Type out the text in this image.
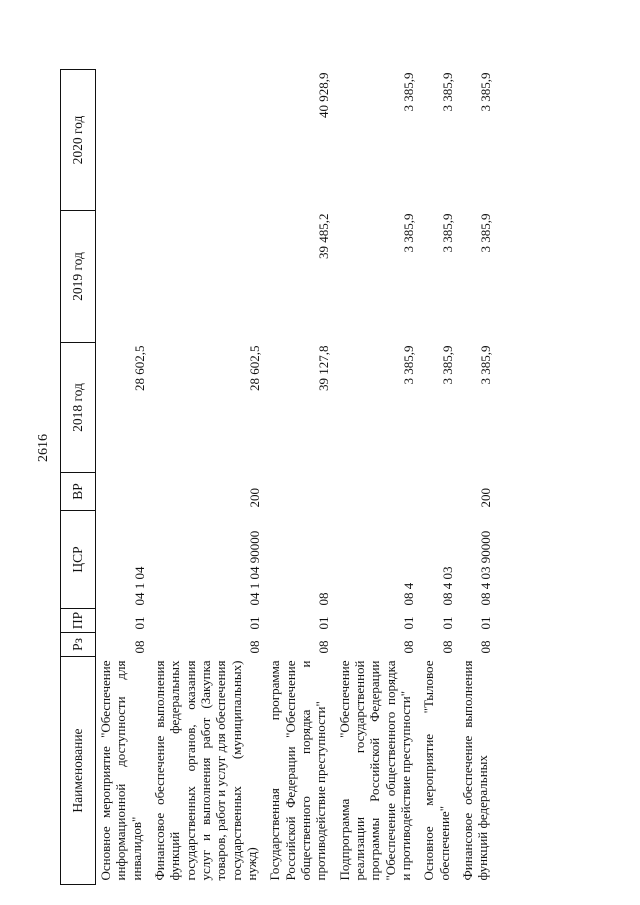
2616
Наименование	Рз	ПР	ЦСР	ВР	2018 год	2019 год	2020 год
Основное мероприятие "Обеспечение информационной доступности для инвалидов"	08	01	04 1 04		28 602,5		
Финансовое обеспечение выполнения функций федеральных государственных органов, оказания услуг и выполнения работ (Закупка товаров, работ и услуг для обеспечения государственных (муниципальных) нужд)	08	01	04 1 04 90000	200	28 602,5		
Государственная программа Российской Федерации "Обеспечение общественного порядка и противодействие преступности"	08	01	08		39 127,8	39 485,2	40 928,9
Подпрограмма "Обеспечение реализации государственной программы Российской Федерации "Обеспечение общественного порядка и противодействие преступности"	08	01	08 4		3 385,9	3 385,9	3 385,9
Основное мероприятие "Тыловое обеспечение"	08	01	08 4 03		3 385,9	3 385,9	3 385,9
Финансовое обеспечение выполнения функций федеральных	08	01	08 4 03 90000	200	3 385,9	3 385,9	3 385,9
